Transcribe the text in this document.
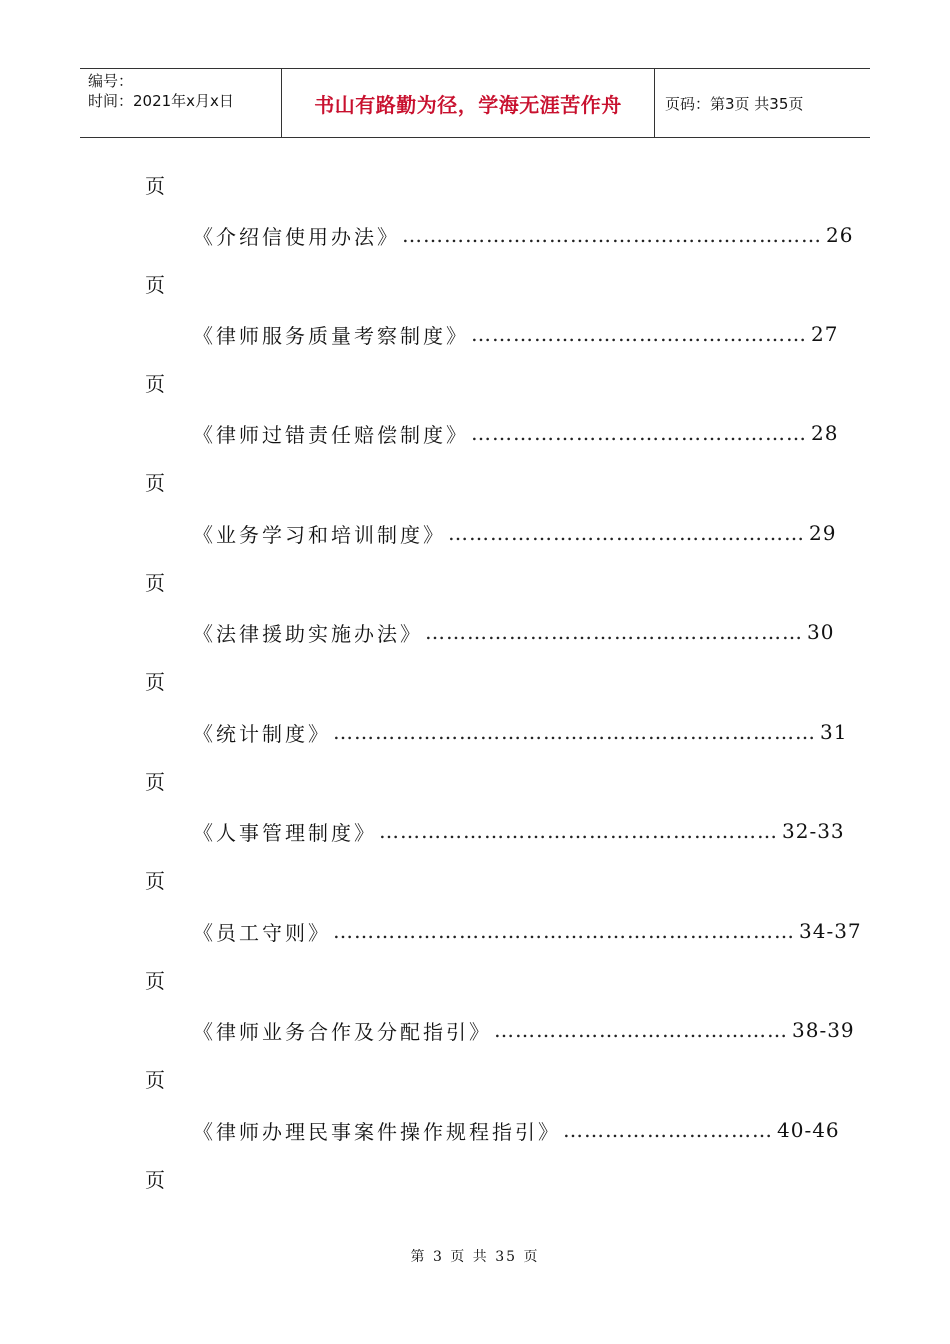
编号：
时间：2021年x月x日	书山有路勤为径，学海无涯苦作舟	页码：第3页 共35页
页
《介绍信使用办法》 …………………………………………………… 26
页
《律师服务质量考察制度》 ………………………………………… 27
页
《律师过错责任赔偿制度》 ………………………………………… 28
页
《业务学习和培训制度》 …………………………………………… 29
页
《法律援助实施办法》 ……………………………………………… 30
页
《统计制度》 …………………………………………………………… 31
页
《人事管理制度》 ………………………………………………… 32-33
页
《员工守则》 ………………………………………………………… 34-37
页
《律师业务合作及分配指引》 …………………………………… 38-39
页
《律师办理民事案件操作规程指引》 ………………………… 40-46
页
第 3 页 共 35 页
